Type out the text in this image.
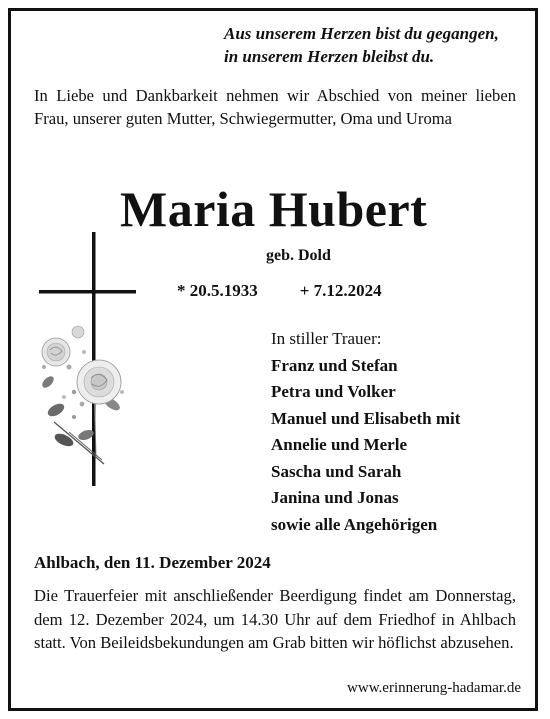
Aus unserem Herzen bist du gegangen,
in unserem Herzen bleibst du.
In Liebe und Dankbarkeit nehmen wir Abschied von meiner lieben Frau, unserer guten Mutter, Schwiegermutter, Oma und Uroma
Maria Hubert
geb. Dold
* 20.5.1933 + 7.12.2024
In stiller Trauer:
Franz und Stefan
Petra und Volker
Manuel und Elisabeth mit
Annelie und Merle
Sascha und Sarah
Janina und Jonas
sowie alle Angehörigen
Ahlbach, den 11. Dezember 2024
Die Trauerfeier mit anschließender Beerdigung findet am Donnerstag, dem 12. Dezember 2024, um 14.30 Uhr auf dem Friedhof in Ahlbach statt. Von Beileidsbekundungen am Grab bitten wir höflichst abzusehen.
www.erinnerung-hadamar.de
